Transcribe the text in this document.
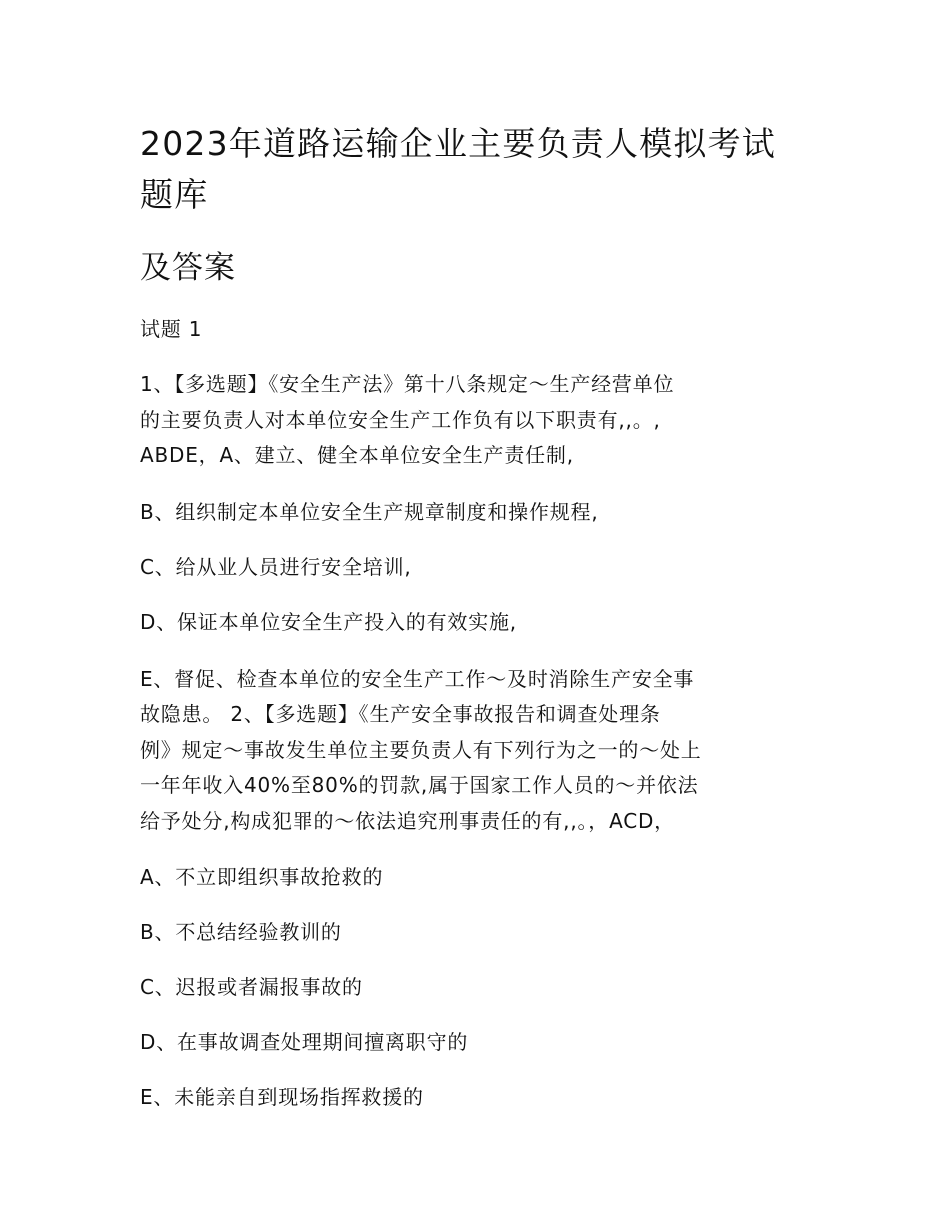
2023年道路运输企业主要负责人模拟考试
题库
及答案

试题 1

1、【多选题】《安全生产法》第十八条规定～生产经营单位
的主要负责人对本单位安全生产工作负有以下职责有,,。,
ABDE，A、建立、健全本单位安全生产责任制,

B、组织制定本单位安全生产规章制度和操作规程,

C、给从业人员进行安全培训,

D、保证本单位安全生产投入的有效实施,

E、督促、检查本单位的安全生产工作～及时消除生产安全事
故隐患。 2、【多选题】《生产安全事故报告和调查处理条
例》规定～事故发生单位主要负责人有下列行为之一的～处上
一年年收入40%至80%的罚款,属于国家工作人员的～并依法
给予处分,构成犯罪的～依法追究刑事责任的有,,。，ACD，

A、不立即组织事故抢救的

B、不总结经验教训的

C、迟报或者漏报事故的

D、在事故调查处理期间擅离职守的

E、未能亲自到现场指挥救援的
